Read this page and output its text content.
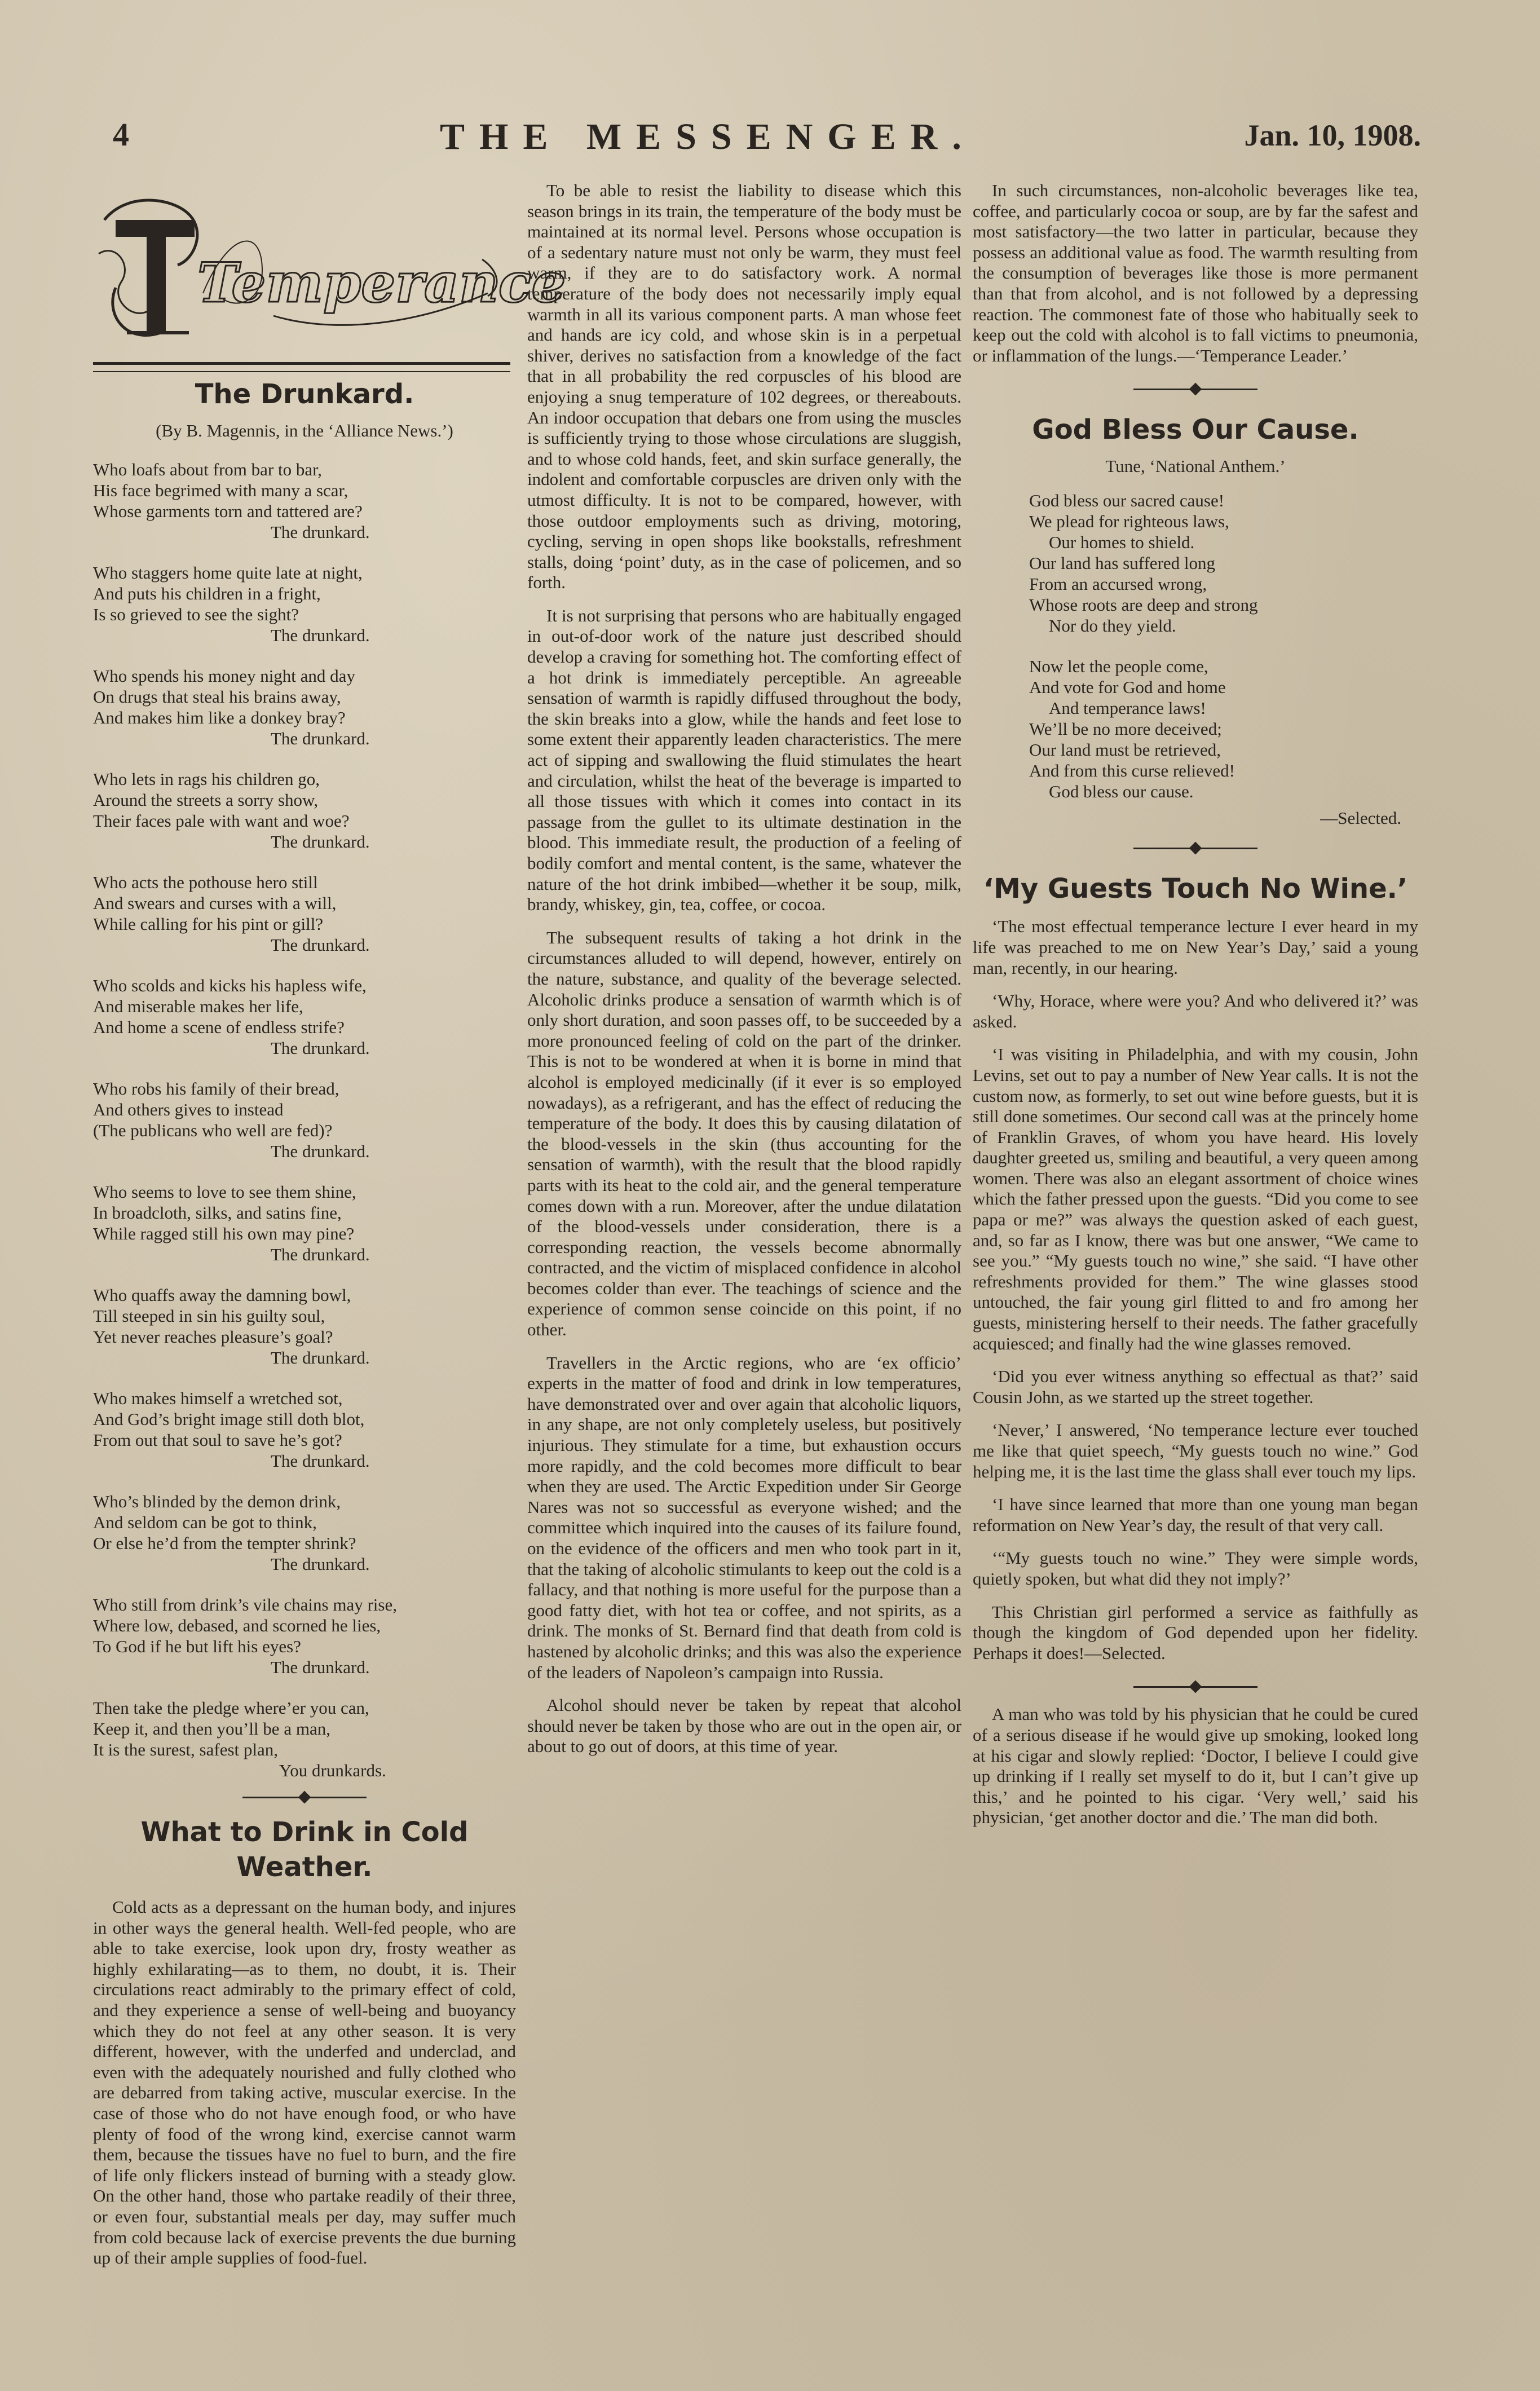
4	THE MESSENGER.	Jan. 10, 1908.
Temperance
The Drunkard.
(By B. Magennis, in the ‘Alliance News.’)
Who loafs about from bar to bar,
His face begrimed with many a scar,
Whose garments torn and tattered are?
The drunkard.
Who staggers home quite late at night,
And puts his children in a fright,
Is so grieved to see the sight?
The drunkard.
Who spends his money night and day
On drugs that steal his brains away,
And makes him like a donkey bray?
The drunkard.
Who lets in rags his children go,
Around the streets a sorry show,
Their faces pale with want and woe?
The drunkard.
Who acts the pothouse hero still
And swears and curses with a will,
While calling for his pint or gill?
The drunkard.
Who scolds and kicks his hapless wife,
And miserable makes her life,
And home a scene of endless strife?
The drunkard.
Who robs his family of their bread,
And others gives to instead
(The publicans who well are fed)?
The drunkard.
Who seems to love to see them shine,
In broadcloth, silks, and satins fine,
While ragged still his own may pine?
The drunkard.
Who quaffs away the damning bowl,
Till steeped in sin his guilty soul,
Yet never reaches pleasure’s goal?
The drunkard.
Who makes himself a wretched sot,
And God’s bright image still doth blot,
From out that soul to save he’s got?
The drunkard.
Who’s blinded by the demon drink,
And seldom can be got to think,
Or else he’d from the tempter shrink?
The drunkard.
Who still from drink’s vile chains may rise,
Where low, debased, and scorned he lies,
To God if he but lift his eyes?
The drunkard.
Then take the pledge where’er you can,
Keep it, and then you’ll be a man,
It is the surest, safest plan,
You drunkards.
What to Drink in Cold Weather.

Cold acts as a depressant on the human body, and injures in other ways the general health. Well-fed people, who are able to take exercise, look upon dry, frosty weather as highly exhilarating—as to them, no doubt, it is. Their circulations react admirably to the primary effect of cold, and they experience a sense of well-being and buoyancy which they do not feel at any other season. It is very different, however, with the underfed and underclad, and even with the adequately nourished and fully clothed who are debarred from taking active, muscular exercise. In the case of those who do not have enough food, or who have plenty of food of the wrong kind, exercise cannot warm them, because the tissues have no fuel to burn, and the fire of life only flickers instead of burning with a steady glow. On the other hand, those who partake readily of their three, or even four, substantial meals per day, may suffer much from cold because lack of exercise prevents the due burning up of their ample supplies of food-fuel.

To be able to resist the liability to disease which this season brings in its train, the temperature of the body must be maintained at its normal level. Persons whose occupation is of a sedentary nature must not only be warm, they must feel warm, if they are to do satisfactory work. A normal temperature of the body does not necessarily imply equal warmth in all its various component parts. A man whose feet and hands are icy cold, and whose skin is in a perpetual shiver, derives no satisfaction from a knowledge of the fact that in all probability the red corpuscles of his blood are enjoying a snug temperature of 102 degrees, or thereabouts. An indoor occupation that debars one from using the muscles is sufficiently trying to those whose circulations are sluggish, and to whose cold hands, feet, and skin surface generally, the indolent and comfortable corpuscles are driven only with the utmost difficulty. It is not to be compared, however, with those outdoor employments such as driving, motoring, cycling, serving in open shops like bookstalls, refreshment stalls, doing ‘point’ duty, as in the case of policemen, and so forth.

It is not surprising that persons who are habitually engaged in out-of-door work of the nature just described should develop a craving for something hot. The comforting effect of a hot drink is immediately perceptible. An agreeable sensation of warmth is rapidly diffused throughout the body, the skin breaks into a glow, while the hands and feet lose to some extent their apparently leaden characteristics. The mere act of sipping and swallowing the fluid stimulates the heart and circulation, whilst the heat of the beverage is imparted to all those tissues with which it comes into contact in its passage from the gullet to its ultimate destination in the blood. This immediate result, the production of a feeling of bodily comfort and mental content, is the same, whatever the nature of the hot drink imbibed—whether it be soup, milk, brandy, whiskey, gin, tea, coffee, or cocoa.

The subsequent results of taking a hot drink in the circumstances alluded to will depend, however, entirely on the nature, substance, and quality of the beverage selected. Alcoholic drinks produce a sensation of warmth which is of only short duration, and soon passes off, to be succeeded by a more pronounced feeling of cold on the part of the drinker. This is not to be wondered at when it is borne in mind that alcohol is employed medicinally (if it ever is so employed nowadays), as a refrigerant, and has the effect of reducing the temperature of the body. It does this by causing dilatation of the blood-vessels in the skin (thus accounting for the sensation of warmth), with the result that the blood rapidly parts with its heat to the cold air, and the general temperature comes down with a run. Moreover, after the undue dilatation of the blood-vessels under consideration, there is a corresponding reaction, the vessels become abnormally contracted, and the victim of misplaced confidence in alcohol becomes colder than ever. The teachings of science and the experience of common sense coincide on this point, if no other.

Travellers in the Arctic regions, who are ‘ex officio’ experts in the matter of food and drink in low temperatures, have demonstrated over and over again that alcoholic liquors, in any shape, are not only completely useless, but positively injurious. They stimulate for a time, but exhaustion occurs more rapidly, and the cold becomes more difficult to bear when they are used. The Arctic Expedition under Sir George Nares was not so successful as everyone wished; and the committee which inquired into the causes of its failure found, on the evidence of the officers and men who took part in it, that the taking of alcoholic stimulants to keep out the cold is a fallacy, and that nothing is more useful for the purpose than a good fatty diet, with hot tea or coffee, and not spirits, as a drink. The monks of St. Bernard find that death from cold is hastened by alcoholic drinks; and this was also the experience of the leaders of Napoleon’s campaign into Russia.

Alcohol should never be taken by repeat that alcohol should never be taken by those who are out in the open air, or about to go out of doors, at this time of year.

In such circumstances, non-alcoholic beverages like tea, coffee, and particularly cocoa or soup, are by far the safest and most satisfactory—the two latter in particular, because they possess an additional value as food. The warmth resulting from the consumption of beverages like those is more permanent than that from alcohol, and is not followed by a depressing reaction. The commonest fate of those who habitually seek to keep out the cold with alcohol is to fall victims to pneumonia, or inflammation of the lungs.—‘Temperance Leader.’

God Bless Our Cause.
Tune, ‘National Anthem.’
God bless our sacred cause!
We plead for righteous laws,
Our homes to shield.
Our land has suffered long
From an accursed wrong,
Whose roots are deep and strong
Nor do they yield.
Now let the people come,
And vote for God and home
And temperance laws!
We’ll be no more deceived;
Our land must be retrieved,
And from this curse relieved!
God bless our cause.
—Selected.
‘My Guests Touch No Wine.’

‘The most effectual temperance lecture I ever heard in my life was preached to me on New Year’s Day,’ said a young man, recently, in our hearing.

‘Why, Horace, where were you? And who delivered it?’ was asked.

‘I was visiting in Philadelphia, and with my cousin, John Levins, set out to pay a number of New Year calls. It is not the custom now, as formerly, to set out wine before guests, but it is still done sometimes. Our second call was at the princely home of Franklin Graves, of whom you have heard. His lovely daughter greeted us, smiling and beautiful, a very queen among women. There was also an elegant assortment of choice wines which the father pressed upon the guests. “Did you come to see papa or me?” was always the question asked of each guest, and, so far as I know, there was but one answer, “We came to see you.” “My guests touch no wine,” she said. “I have other refreshments provided for them.” The wine glasses stood untouched, the fair young girl flitted to and fro among her guests, ministering herself to their needs. The father gracefully acquiesced; and finally had the wine glasses removed.

‘Did you ever witness anything so effectual as that?’ said Cousin John, as we started up the street together.

‘Never,’ I answered, ‘No temperance lecture ever touched me like that quiet speech, “My guests touch no wine.” God helping me, it is the last time the glass shall ever touch my lips.

‘I have since learned that more than one young man began reformation on New Year’s day, the result of that very call.

‘“My guests touch no wine.” They were simple words, quietly spoken, but what did they not imply?’

This Christian girl performed a service as faithfully as though the kingdom of God depended upon her fidelity. Perhaps it does!—Selected.

A man who was told by his physician that he could be cured of a serious disease if he would give up smoking, looked long at his cigar and slowly replied: ‘Doctor, I believe I could give up drinking if I really set myself to do it, but I can’t give up this,’ and he pointed to his cigar. ‘Very well,’ said his physician, ‘get another doctor and die.’ The man did both.
